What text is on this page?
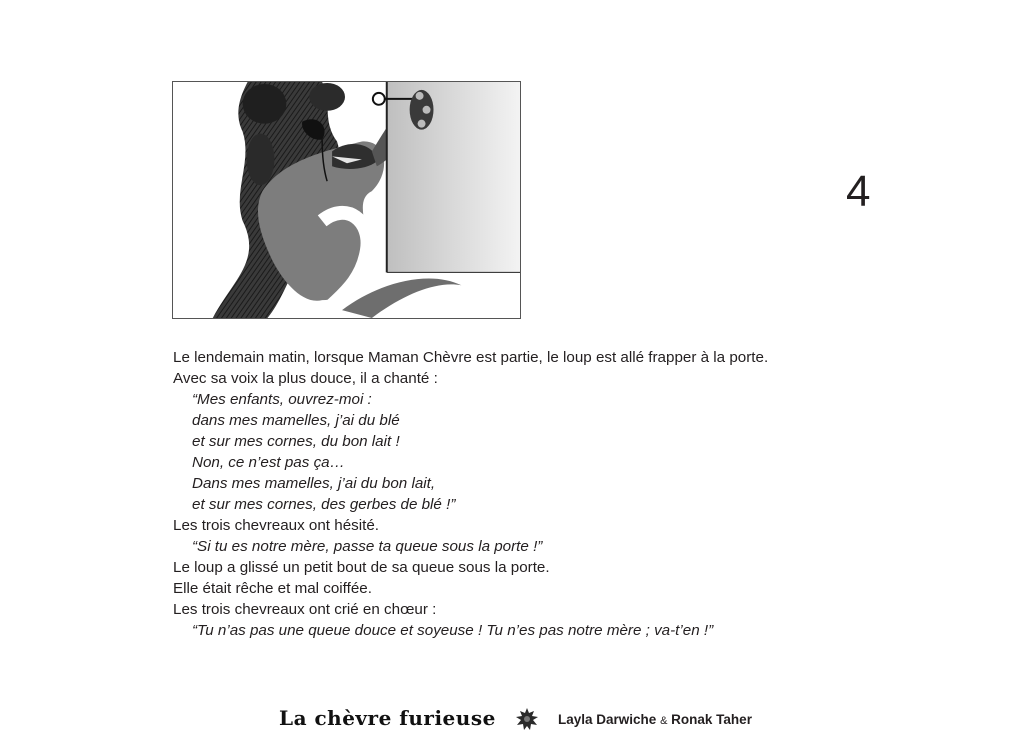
4
Le lendemain matin, lorsque Maman Chèvre est partie, le loup est allé frapper à la porte.
Avec sa voix la plus douce, il a chanté :
“Mes enfants, ouvrez-moi :
dans mes mamelles, j’ai du blé
et sur mes cornes, du bon lait !
Non, ce n’est pas ça…
Dans mes mamelles, j’ai du bon lait,
et sur mes cornes, des gerbes de blé !”
Les trois chevreaux ont hésité.
“Si tu es notre mère, passe ta queue sous la porte !”
Le loup a glissé un petit bout de sa queue sous la porte.
Elle était rêche et mal coiffée.
Les trois chevreaux ont crié en chœur :
“Tu n’as pas une queue douce et soyeuse ! Tu n’es pas notre mère ; va-t’en !”
La chèvre furieuse	Layla Darwiche & Ronak Taher
